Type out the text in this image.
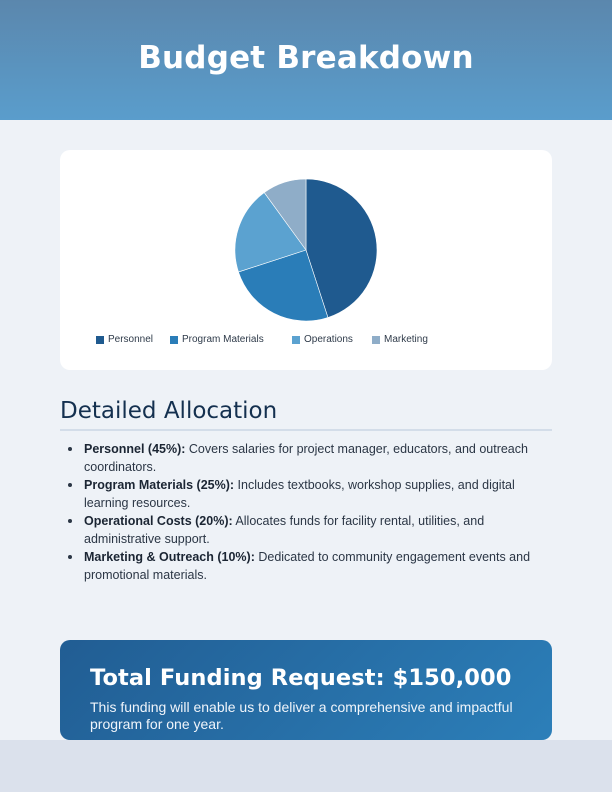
Budget Breakdown
Personnel	Program Materials	Operations	Marketing
Detailed Allocation
Personnel (45%): Covers salaries for project manager, educators, and outreach coordinators.
Program Materials (25%): Includes textbooks, workshop supplies, and digital learning resources.
Operational Costs (20%): Allocates funds for facility rental, utilities, and administrative support.
Marketing & Outreach (10%): Dedicated to community engagement events and promotional materials.
Total Funding Request: $150,000

This funding will enable us to deliver a comprehensive and impactful program for one year.
